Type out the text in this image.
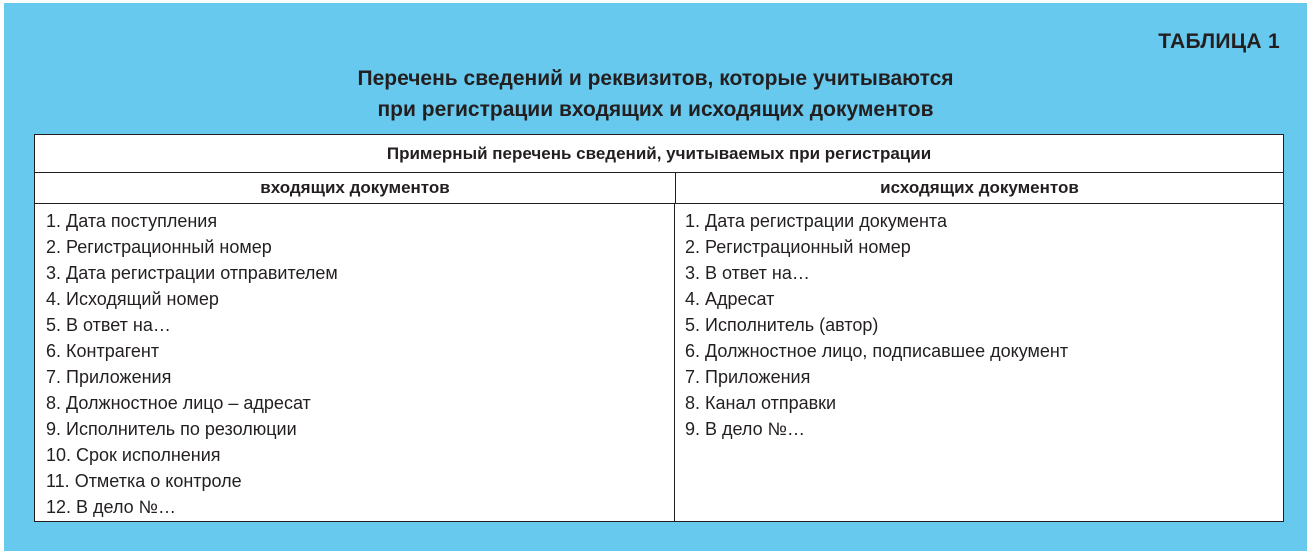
ТАБЛИЦА 1
Перечень сведений и реквизитов, которые учитываются
при регистрации входящих и исходящих документов
Примерный перечень сведений, учитываемых при регистрации
входящих документов	исходящих документов
1. Дата поступления
2. Регистрационный номер
3. Дата регистрации отправителем
4. Исходящий номер
5. В ответ на…
6. Контрагент
7. Приложения
8. Должностное лицо – адресат
9. Исполнитель по резолюции
10. Срок исполнения
11. Отметка о контроле
12. В дело №…
1. Дата регистрации документа
2. Регистрационный номер
3. В ответ на…
4. Адресат
5. Исполнитель (автор)
6. Должностное лицо, подписавшее документ
7. Приложения
8. Канал отправки
9. В дело №…
